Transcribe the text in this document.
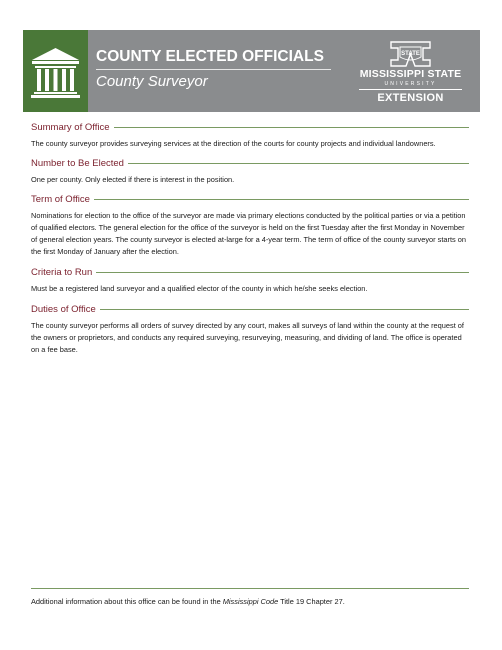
COUNTY ELECTED OFFICIALS
County Surveyor
STATE
MISSISSIPPI STATE
UNIVERSITY
EXTENSION
Summary of Office
The county surveyor provides surveying services at the direction of the courts for county projects and individual landowners.
Number to Be Elected
One per county. Only elected if there is interest in the position.
Term of Office
Nominations for election to the office of the surveyor are made via primary elections conducted by the political parties or via a petition of qualified electors. The general election for the office of the surveyor is held on the first Tuesday after the first Monday in November of general election years. The county surveyor is elected at-large for a 4-year term. The term of office of the county surveyor starts on the first Monday of January after the election.
Criteria to Run
Must be a registered land surveyor and a qualified elector of the county in which he/she seeks election.
Duties of Office
The county surveyor performs all orders of survey directed by any court, makes all surveys of land within the county at the request of the owners or proprietors, and conducts any required surveying, resurveying, measuring, and dividing of land. The office is operated on a fee base.
Additional information about this office can be found in the Mississippi Code Title 19 Chapter 27.
